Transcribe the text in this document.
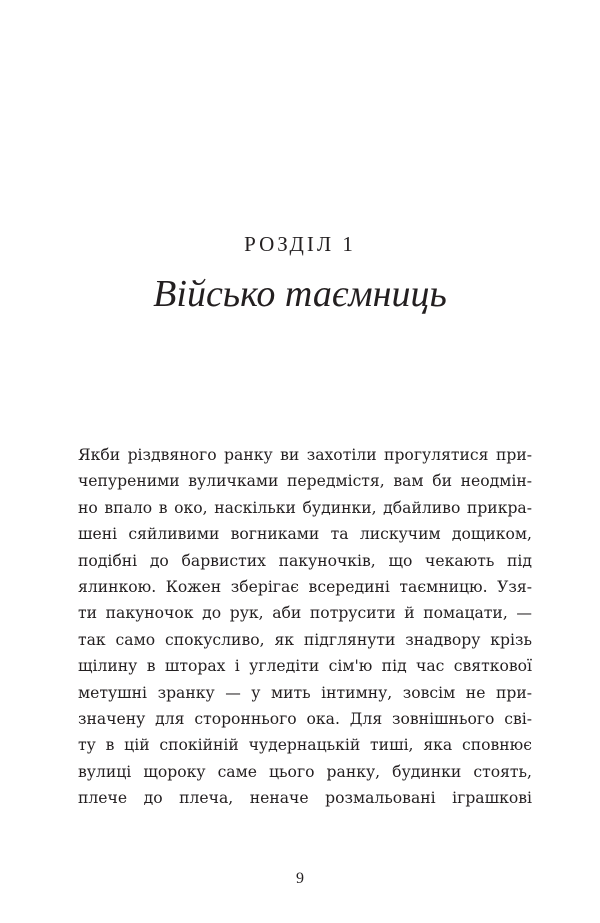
РОЗДІЛ 1
Військо таємниць
Якби різдвяного ранку ви захотіли прогулятися при-
чепуреними вуличками передмістя, вам би неодмін-
но впало в око, наскільки будинки, дбайливо прикра-
шені сяйливими вогниками та лискучим дощиком,
подібні до барвистих пакуночків, що чекають під
ялинкою. Кожен зберігає всередині таємницю. Узя-
ти пакуночок до рук, аби потрусити й помацати, —
так само спокусливо, як підглянути знадвору крізь
щілину в шторах і угледіти сім'ю під час святкової
метушні зранку — у мить інтимну, зовсім не при-
значену для стороннього ока. Для зовнішнього сві-
ту в цій спокійній чудернацькій тиші, яка сповнює
вулиці щороку саме цього ранку, будинки стоять,
плече до плеча, неначе розмальовані іграшкові
9
